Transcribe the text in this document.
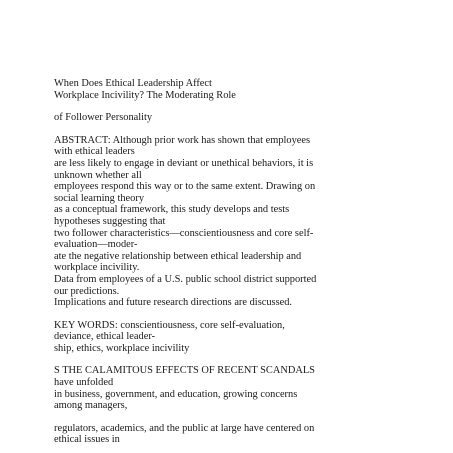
When Does Ethical Leadership Affect
Workplace Incivility? The Moderating Role
of Follower Personality
ABSTRACT: Although prior work has shown that employees
with ethical leaders
are less likely to engage in deviant or unethical behaviors, it is
unknown whether all
employees respond this way or to the same extent. Drawing on
social learning theory
as a conceptual framework, this study develops and tests
hypotheses suggesting that
two follower characteristics—conscientiousness and core self-
evaluation—moder-
ate the negative relationship between ethical leadership and
workplace incivility.
Data from employees of a U.S. public school district supported
our predictions.
Implications and future research directions are discussed.
KEY WORDS: conscientiousness, core self-evaluation,
deviance, ethical leader-
ship, ethics, workplace incivility
S THE CALAMITOUS EFFECTS OF RECENT SCANDALS
have unfolded
in business, government, and education, growing concerns
among managers,
regulators, academics, and the public at large have centered on
ethical issues in
